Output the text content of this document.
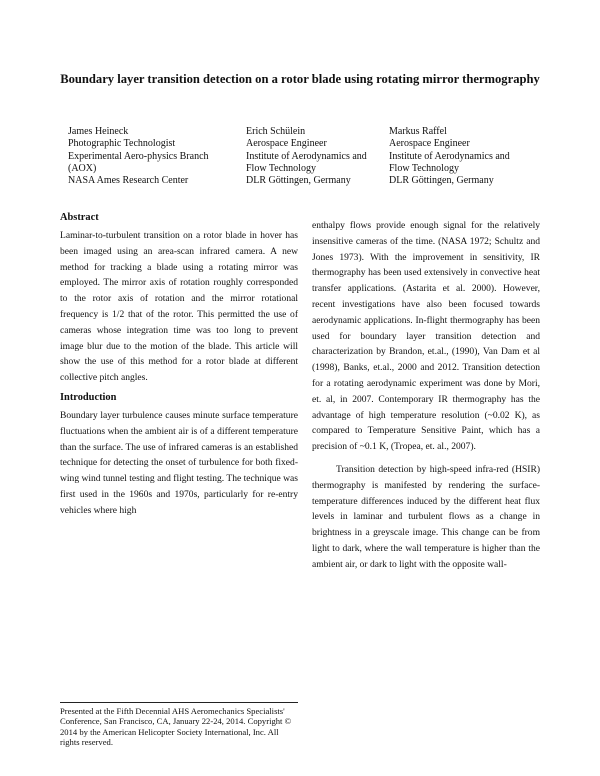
Boundary layer transition detection on a rotor blade using rotating mirror thermography
James Heineck
Photographic Technologist
Experimental Aero-physics Branch (AOX)
NASA Ames Research Center
Erich Schülein
Aerospace Engineer
Institute of Aerodynamics and Flow Technology
DLR Göttingen, Germany
Markus Raffel
Aerospace Engineer
Institute of Aerodynamics and Flow Technology
DLR Göttingen, Germany
Abstract

Laminar-to-turbulent transition on a rotor blade in hover has been imaged using an area-scan infrared camera. A new method for tracking a blade using a rotating mirror was employed. The mirror axis of rotation roughly corresponded to the rotor axis of rotation and the mirror rotational frequency is 1/2 that of the rotor. This permitted the use of cameras whose integration time was too long to prevent image blur due to the motion of the blade. This article will show the use of this method for a rotor blade at different collective pitch angles.

Introduction

Boundary layer turbulence causes minute surface temperature fluctuations when the ambient air is of a different temperature than the surface. The use of infrared cameras is an established technique for detecting the onset of turbulence for both fixed-wing wind tunnel testing and flight testing. The technique was first used in the 1960s and 1970s, particularly for re-entry vehicles where high

Presented at the Fifth Decennial AHS Aeromechanics Specialists' Conference, San Francisco, CA, January 22-24, 2014. Copyright © 2014 by the American Helicopter Society International, Inc. All rights reserved.

enthalpy flows provide enough signal for the relatively insensitive cameras of the time. (NASA 1972; Schultz and Jones 1973). With the improvement in sensitivity, IR thermography has been used extensively in convective heat transfer applications. (Astarita et al. 2000). However, recent investigations have also been focused towards aerodynamic applications. In-flight thermography has been used for boundary layer transition detection and characterization by Brandon, et.al., (1990), Van Dam et al (1998), Banks, et.al., 2000 and 2012. Transition detection for a rotating aerodynamic experiment was done by Mori, et. al, in 2007. Contemporary IR thermography has the advantage of high temperature resolution (~0.02 K), as compared to Temperature Sensitive Paint, which has a precision of ~0.1 K, (Tropea, et. al., 2007).

Transition detection by high-speed infra-red (HSIR) thermography is manifested by rendering the surface-temperature differences induced by the different heat flux levels in laminar and turbulent flows as a change in brightness in a greyscale image. This change can be from light to dark, where the wall temperature is higher than the ambient air, or dark to light with the opposite wall-
